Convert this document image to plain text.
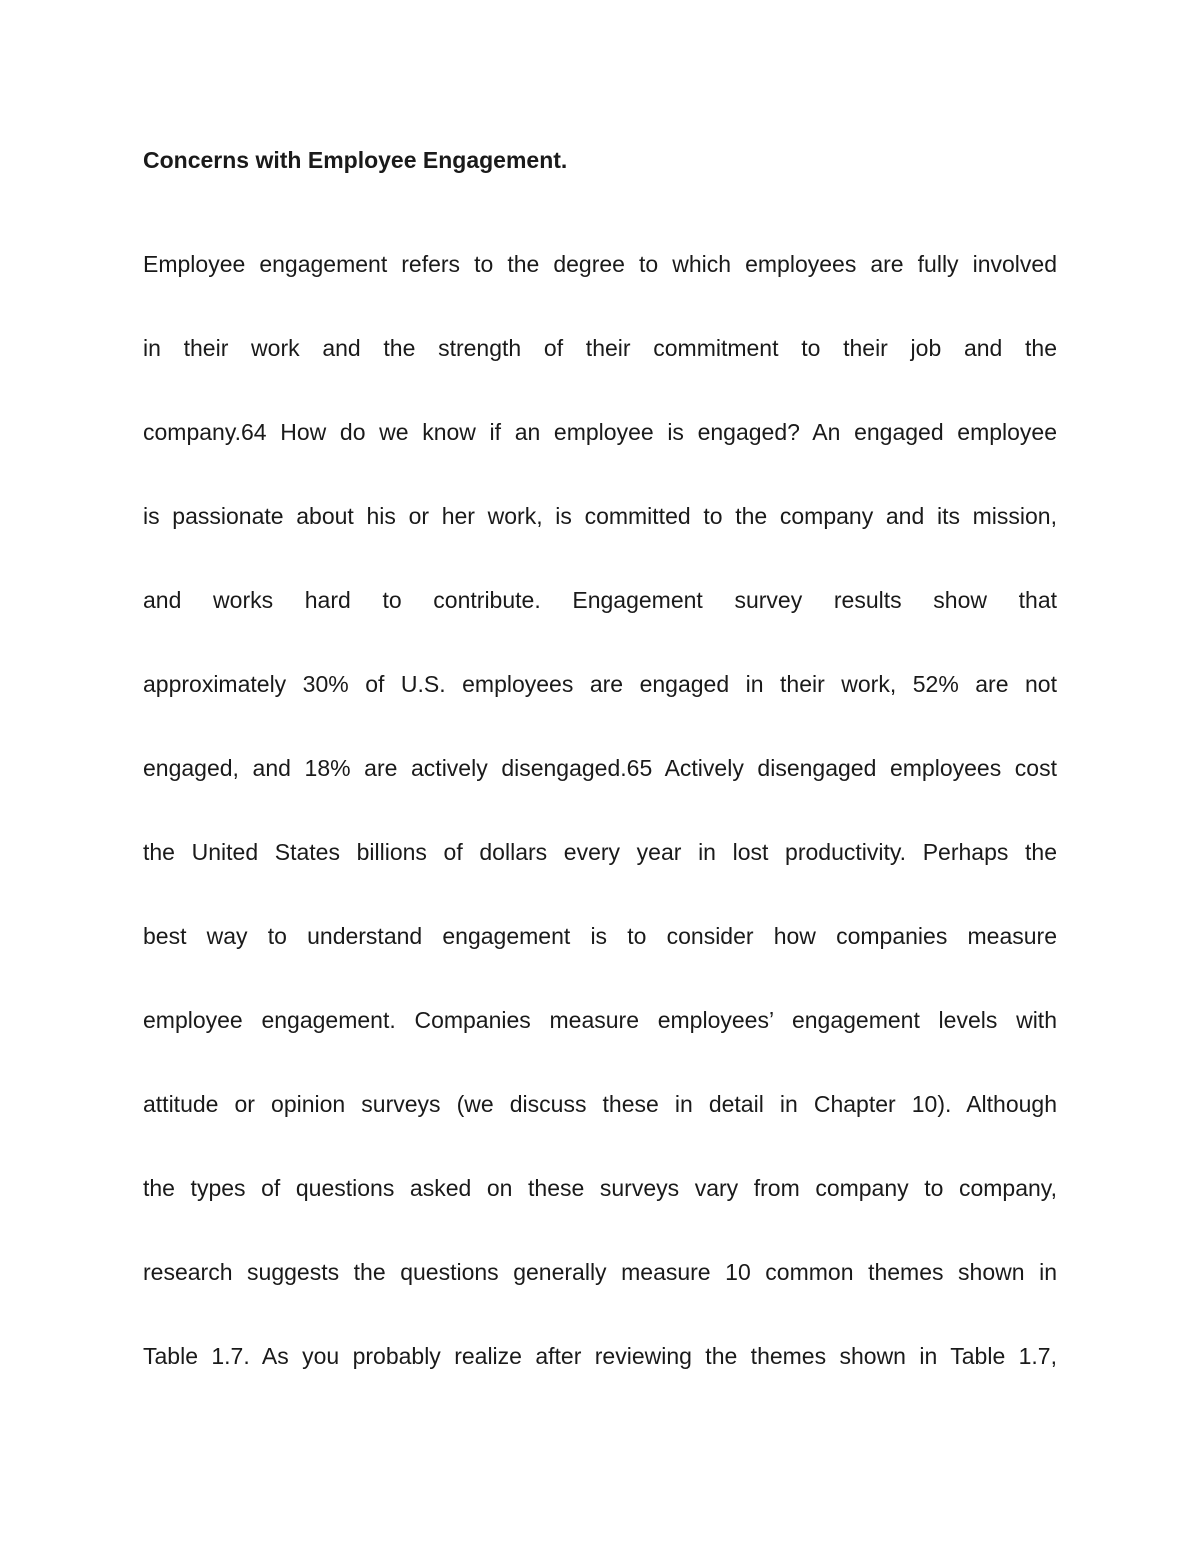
Concerns with Employee Engagement.
Employee engagement refers to the degree to which employees are fully involved
in their work and the strength of their commitment to their job and the
company.64 How do we know if an employee is engaged? An engaged employee
is passionate about his or her work, is committed to the company and its mission,
and works hard to contribute. Engagement survey results show that
approximately 30% of U.S. employees are engaged in their work, 52% are not
engaged, and 18% are actively disengaged.65 Actively disengaged employees cost
the United States billions of dollars every year in lost productivity. Perhaps the
best way to understand engagement is to consider how companies measure
employee engagement. Companies measure employees’ engagement levels with
attitude or opinion surveys (we discuss these in detail in Chapter 10). Although
the types of questions asked on these surveys vary from company to company,
research suggests the questions generally measure 10 common themes shown in
Table 1.7. As you probably realize after reviewing the themes shown in Table 1.7,
